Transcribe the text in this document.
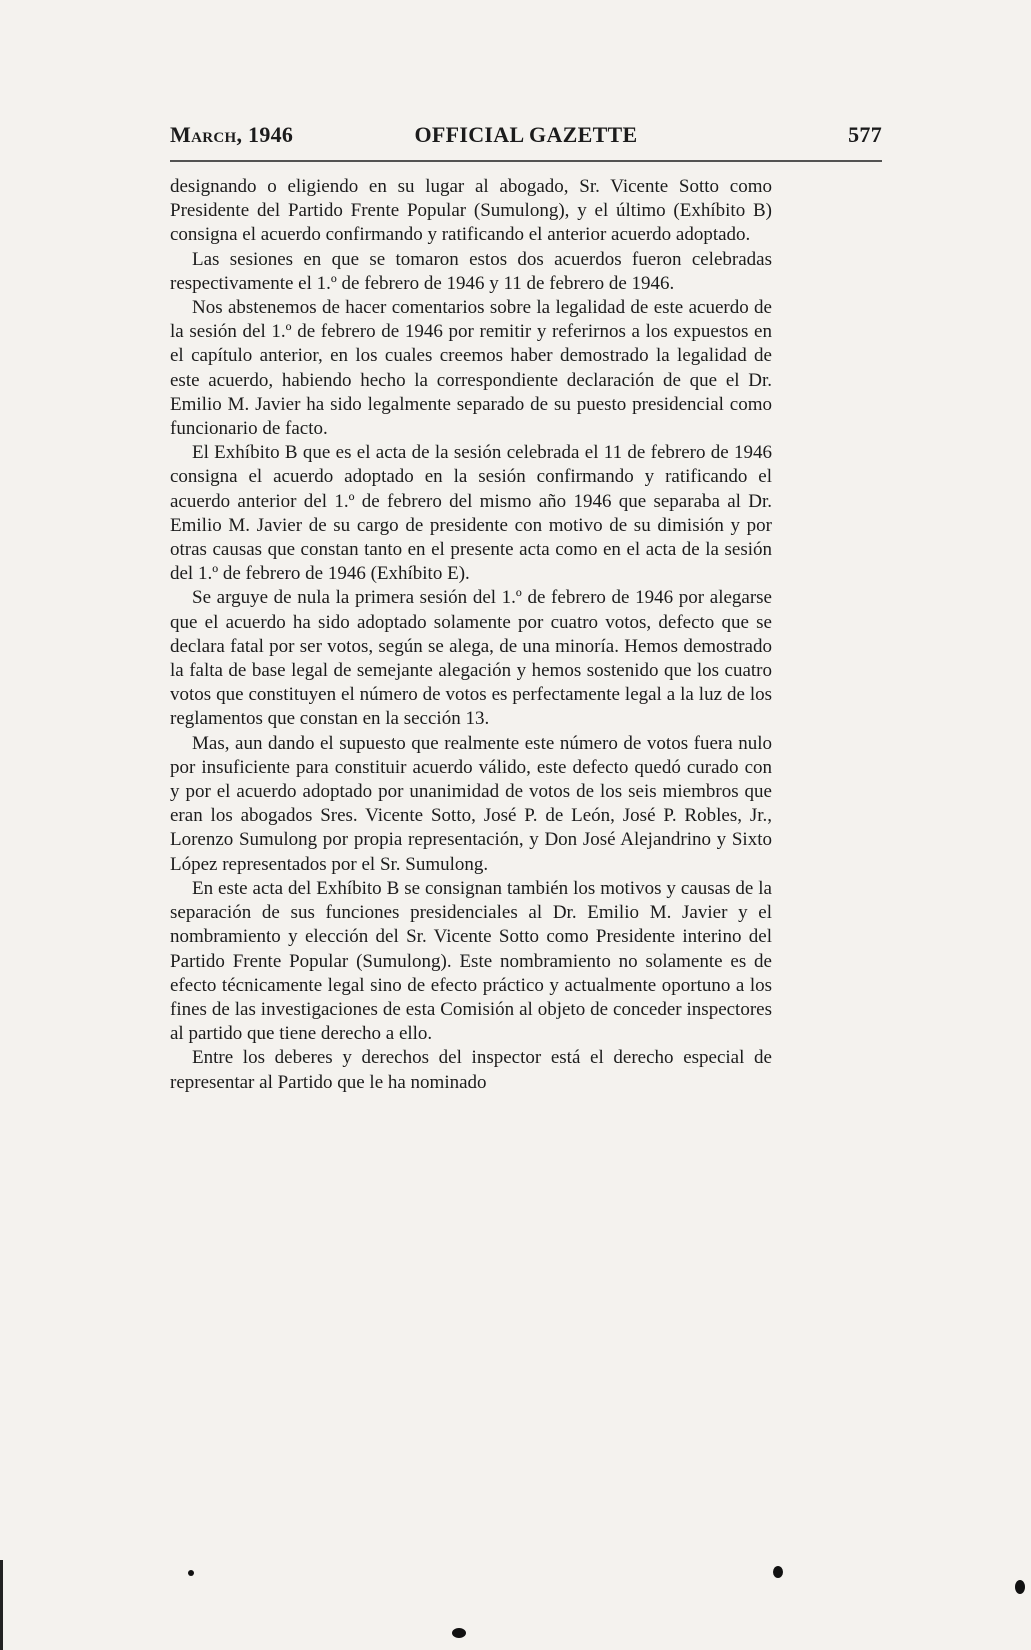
March, 1946	OFFICIAL GAZETTE	577

designando o eligiendo en su lugar al abogado, Sr. Vicente Sotto como Presidente del Partido Frente Popular (Sumulong), y el último (Exhíbito B) consigna el acuerdo confirmando y ratificando el anterior acuerdo adoptado.

Las sesiones en que se tomaron estos dos acuerdos fueron celebradas respectivamente el 1.º de febrero de 1946 y 11 de febrero de 1946.

Nos abstenemos de hacer comentarios sobre la legalidad de este acuerdo de la sesión del 1.º de febrero de 1946 por remitir y referirnos a los expuestos en el capítulo anterior, en los cuales creemos haber demostrado la legalidad de este acuerdo, habiendo hecho la correspondiente declaración de que el Dr. Emilio M. Javier ha sido legalmente separado de su puesto presidencial como funcionario de facto.

El Exhíbito B que es el acta de la sesión celebrada el 11 de febrero de 1946 consigna el acuerdo adoptado en la sesión confirmando y ratificando el acuerdo anterior del 1.º de febrero del mismo año 1946 que separaba al Dr. Emilio M. Javier de su cargo de presidente con motivo de su dimisión y por otras causas que constan tanto en el presente acta como en el acta de la sesión del 1.º de febrero de 1946 (Exhíbito E).

Se arguye de nula la primera sesión del 1.º de febrero de 1946 por alegarse que el acuerdo ha sido adoptado solamente por cuatro votos, defecto que se declara fatal por ser votos, según se alega, de una minoría. Hemos demostrado la falta de base legal de semejante alegación y hemos sostenido que los cuatro votos que constituyen el número de votos es perfectamente legal a la luz de los reglamentos que constan en la sección 13.

Mas, aun dando el supuesto que realmente este número de votos fuera nulo por insuficiente para constituir acuerdo válido, este defecto quedó curado con y por el acuerdo adoptado por unanimidad de votos de los seis miembros que eran los abogados Sres. Vicente Sotto, José P. de León, José P. Robles, Jr., Lorenzo Sumulong por propia representación, y Don José Alejandrino y Sixto López representados por el Sr. Sumulong.

En este acta del Exhíbito B se consignan también los motivos y causas de la separación de sus funciones presidenciales al Dr. Emilio M. Javier y el nombramiento y elección del Sr. Vicente Sotto como Presidente interino del Partido Frente Popular (Sumulong). Este nombramiento no solamente es de efecto técnicamente legal sino de efecto práctico y actualmente oportuno a los fines de las investigaciones de esta Comisión al objeto de conceder inspectores al partido que tiene derecho a ello.

Entre los deberes y derechos del inspector está el derecho especial de representar al Partido que le ha nominado
